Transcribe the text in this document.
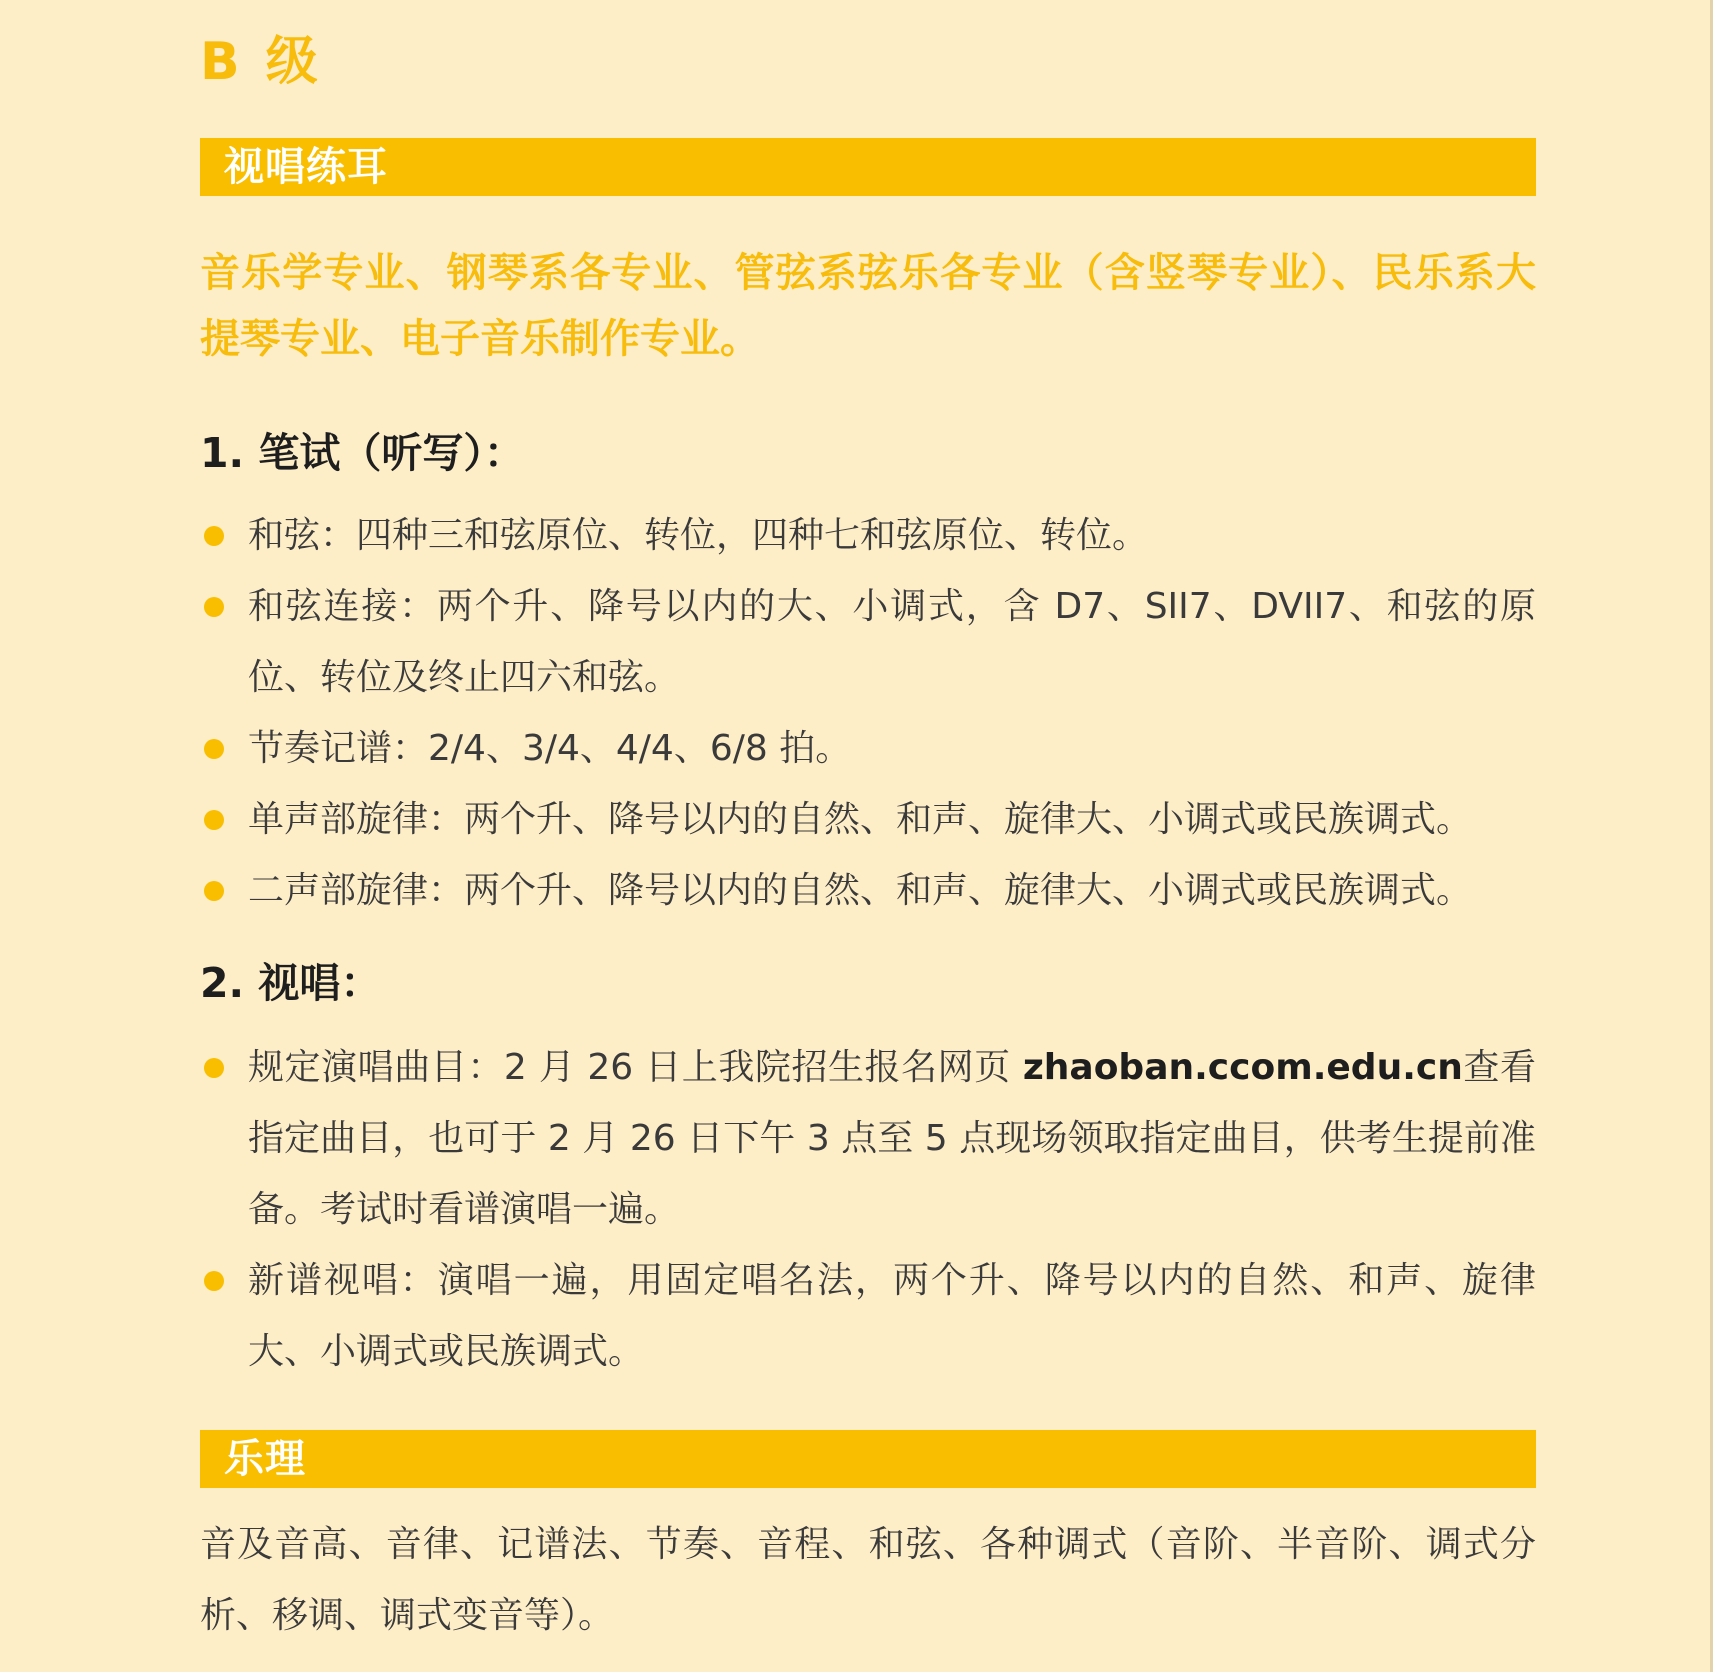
B 级
视唱练耳

音乐学专业、钢琴系各专业、管弦系弦乐各专业（含竖琴专业）、民乐系大提琴专业、电子音乐制作专业。

1. 笔试（听写）：
和弦：四种三和弦原位、转位，四种七和弦原位、转位。
和弦连接：两个升、降号以内的大、小调式，含 D7、SII7、DVII7、和弦的原位、转位及终止四六和弦。
节奏记谱：2/4、3/4、4/4、6/8 拍。
单声部旋律：两个升、降号以内的自然、和声、旋律大、小调式或民族调式。
二声部旋律：两个升、降号以内的自然、和声、旋律大、小调式或民族调式。
2. 视唱：
规定演唱曲目：2 月 26 日上我院招生报名网页 zhaoban.ccom.edu.cn查看指定曲目，也可于 2 月 26 日下午 3 点至 5 点现场领取指定曲目，供考生提前准备。考试时看谱演唱一遍。
新谱视唱：演唱一遍，用固定唱名法，两个升、降号以内的自然、和声、旋律大、小调式或民族调式。
乐理

音及音高、音律、记谱法、节奏、音程、和弦、各种调式（音阶、半音阶、调式分析、移调、调式变音等）。
